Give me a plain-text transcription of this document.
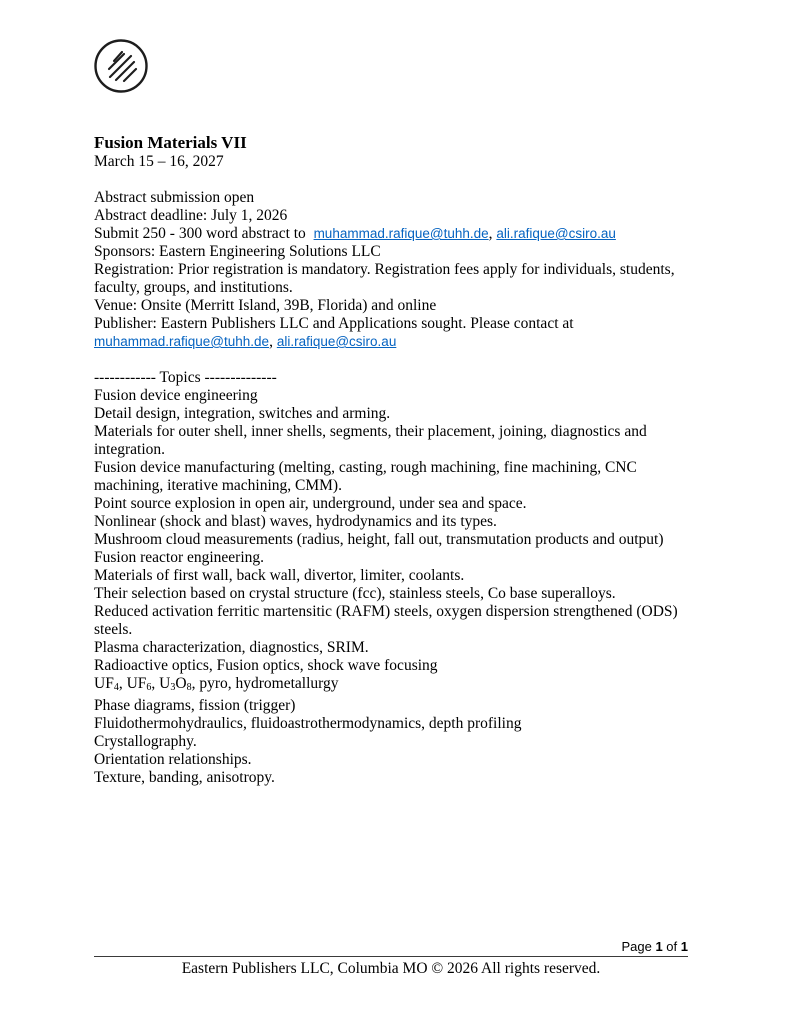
Fusion Materials VII
March 15 – 16, 2027

Abstract submission open
Abstract deadline: July 1, 2026
Submit 250 - 300 word abstract to  muhammad.rafique@tuhh.de, ali.rafique@csiro.au
Sponsors: Eastern Engineering Solutions LLC
Registration: Prior registration is mandatory. Registration fees apply for individuals, students,
faculty, groups, and institutions.
Venue: Onsite (Merritt Island, 39B, Florida) and online
Publisher: Eastern Publishers LLC and Applications sought. Please contact at
muhammad.rafique@tuhh.de, ali.rafique@csiro.au

------------ Topics --------------
Fusion device engineering
Detail design, integration, switches and arming.
Materials for outer shell, inner shells, segments, their placement, joining, diagnostics and
integration.
Fusion device manufacturing (melting, casting, rough machining, fine machining, CNC
machining, iterative machining, CMM).
Point source explosion in open air, underground, under sea and space.
Nonlinear (shock and blast) waves, hydrodynamics and its types.
Mushroom cloud measurements (radius, height, fall out, transmutation products and output)
Fusion reactor engineering.
Materials of first wall, back wall, divertor, limiter, coolants.
Their selection based on crystal structure (fcc), stainless steels, Co base superalloys.
Reduced activation ferritic martensitic (RAFM) steels, oxygen dispersion strengthened (ODS)
steels.
Plasma characterization, diagnostics, SRIM.
Radioactive optics, Fusion optics, shock wave focusing
$UF_4$, $UF_6$, $U_3O_8$, pyro, hydrometallurgy
Phase diagrams, fission (trigger)
Fluidothermohydraulics, fluidoastrothermodynamics, depth profiling
Crystallography.
Orientation relationships.
Texture, banding, anisotropy.
Page 1 of 1
Eastern Publishers LLC, Columbia MO © 2026 All rights reserved.
